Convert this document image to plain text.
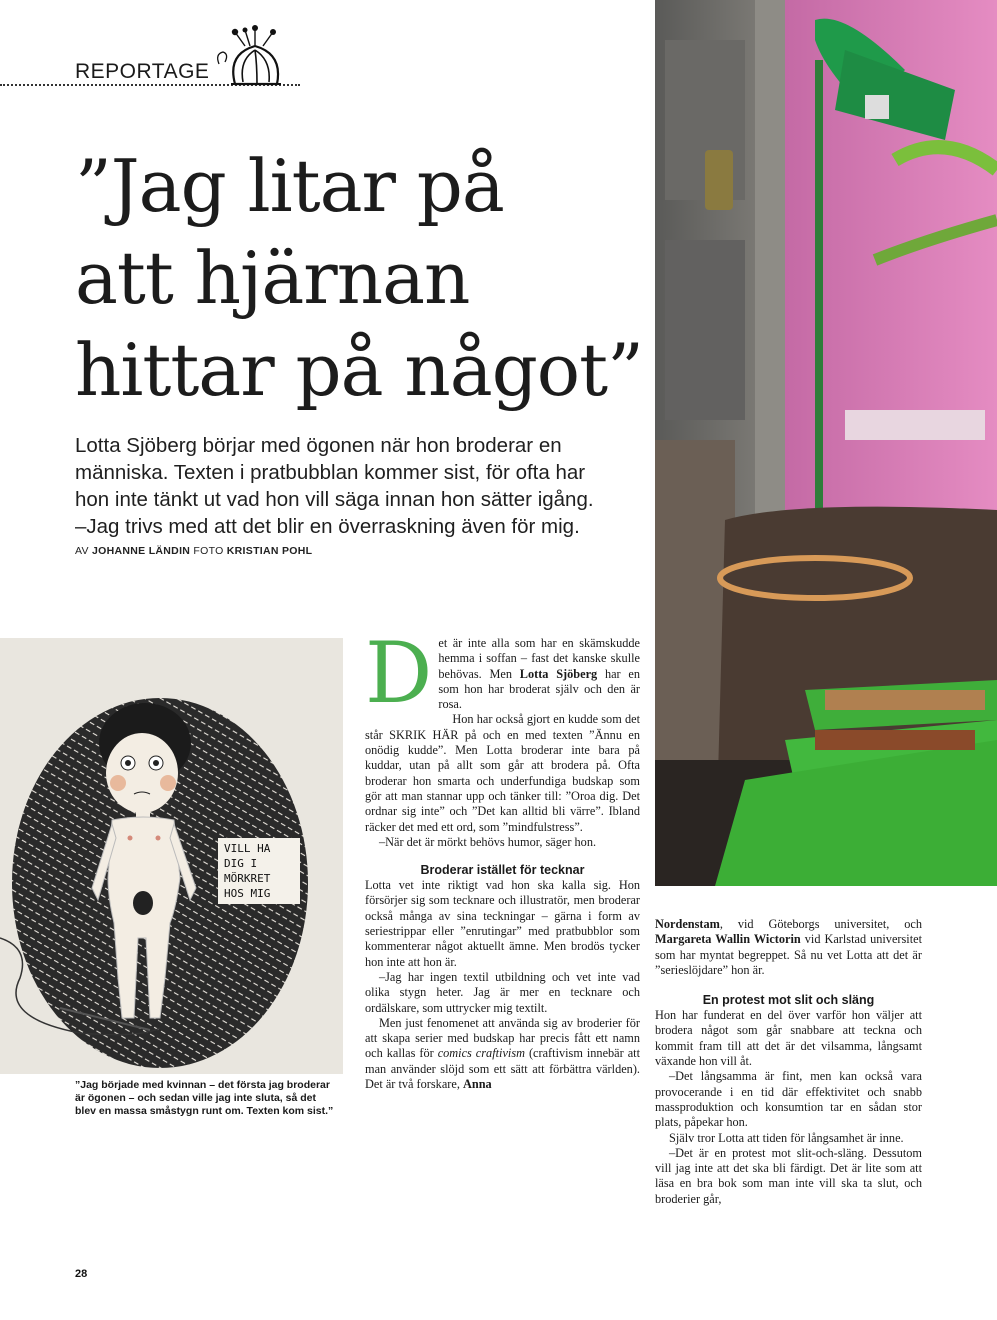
REPORTAGE
”Jag litar på
att hjärnan
hittar på något”
Lotta Sjöberg börjar med ögonen när hon broderar en
människa. Texten i pratbubblan kommer sist, för ofta har
hon inte tänkt ut vad hon vill säga innan hon sätter igång.
–Jag trivs med att det blir en överraskning även för mig.
AV JOHANNE LÄNDIN FOTO KRISTIAN POHL
VILL HA
DIG I
MÖRKRET
HOS MIG
”Jag började med kvinnan – det första jag broderar
är ögonen – och sedan ville jag inte sluta, så det
blev en massa småstygn runt om. Texten kom sist.”

Det är inte alla som har en skämskudde hemma i soffan – fast det kanske skulle behövas. Men Lotta Sjöberg har en som hon har broderat själv och den är rosa.

Hon har också gjort en kudde som det står SKRIK HÄR på och en med texten ”Ännu en onödig kudde”. Men Lotta broderar inte bara på kuddar, utan på allt som går att brodera på. Ofta broderar hon smarta och underfundiga budskap som gör att man stannar upp och tänker till: ”Oroa dig. Det ordnar sig inte” och ”Det kan alltid bli värre”. Ibland räcker det med ett ord, som ”mindfulstress”.

–När det är mörkt behövs humor, säger hon.

Broderar istället för tecknar

Lotta vet inte riktigt vad hon ska kalla sig. Hon försörjer sig som tecknare och illustratör, men broderar också många av sina teckningar – gärna i form av seriestrippar eller ”enrutingar” med pratbubblor som kommenterar något aktuellt ämne. Men brodös tycker hon inte att hon är.

–Jag har ingen textil utbildning och vet inte vad olika stygn heter. Jag är mer en tecknare och ordälskare, som uttrycker mig textilt.

Men just fenomenet att använda sig av broderier för att skapa serier med budskap har precis fått ett namn och kallas för comics craftivism (craftivism innebär att man använder slöjd som ett sätt att förbättra världen). Det är två forskare, Anna

Nordenstam, vid Göteborgs universitet, och Margareta Wallin Wictorin vid Karlstad universitet som har myntat begreppet. Så nu vet Lotta att det är ”serieslöjdare” hon är.

En protest mot slit och släng

Hon har funderat en del över varför hon väljer att brodera något som går snabbare att teckna och kommit fram till att det är det vilsamma, långsamt växande hon vill åt.

–Det långsamma är fint, men kan också vara provocerande i en tid där effektivitet och snabb massproduktion och konsumtion tar en sådan stor plats, påpekar hon.

Själv tror Lotta att tiden för långsamhet är inne.

–Det är en protest mot slit-och-släng. Dessutom vill jag inte att det ska bli färdigt. Det är lite som att läsa en bra bok som man inte vill ska ta slut, och broderier går,

28
